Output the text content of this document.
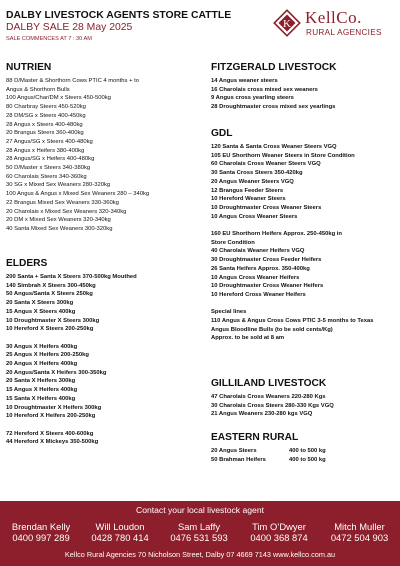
DALBY LIVESTOCK AGENTS STORE CATTLE
DALBY SALE 28 May 2025
SALE COMMENCES AT 7 : 30 AM
K KellCo.
RURAL AGENCIES
NUTRIEN
88 D/Master & Shorthorn Cows PTIC 4 months + to
Angus & Shorthorn Bulls
100 Angus/Char/DM x Steers 450-500kg
80 Charbray Steers 450-520kg
28 DM/SG x Steers 400-450kg
28 Angus x Steers 400-480kg
20 Brangus Steers 360-400kg
27 Angus/SG x Steers 400-480kg
28 Angus x Heifers 380-400kg
28 Angus/SG x Heifers 400-480kg
50 D/Master x Steers 340-380kg
60 Charolais Steers 340-360kg
30 SG x Mixed Sex Weaners 280-320kg
100 Angus & Angus x Mixed Sex Weaners 280 – 340kg
22 Brangus Mixed Sex Weaners 330-360kg
20 Charolais x Mixed Sex Weaners 320-340kg
20 DM x Mixed Sex Weaners 320-340kg
40 Santa Mixed Sex Weaners 300-320kg
ELDERS
200 Santa + Santa X Steers 370-500kg Mouthed
140 Simbrah X Steers 300-450kg
50 Angus/Santa X Steers 250kg
20 Santa X Steers 300kg
15 Angus X Steers 400kg
10 Droughtmaster X Steers 300kg
10 Hereford X Steers 200-250kg
30 Angus X Heifers 400kg
25 Angus X Heifers 200-250kg
20 Angus X Heifers 400kg
20 Angus/Santa X Heifers 300-350kg
20 Santa X Heifers 300kg
15 Angus X Heifers 400kg
15 Santa X Heifers 400kg
10 Droughtmaster X Heifers 300kg
10 Hereford X Heifers 200-250kg
72 Hereford X Steers 400-600kg
44 Hereford X Mickeys 350-500kg
FITZGERALD LIVESTOCK
14 Angus weaner steers
16 Charolais cross mixed sex weaners
9 Angus cross yearling steers
28 Droughtmaster cross mixed sex yearlings
GDL
120 Santa & Santa Cross Weaner Steers VGQ
105 EU Shorthorn Weaner Steers in Store Condition
60 Charolais Cross Weaner Steers VGQ
30 Santa Cross Steers 350-420kg
20 Angus Weaner Steers VGQ
12 Brangus Feeder Steers
10 Hereford Weaner Steers
10 Droughtmaster Cross Weaner Steers
10 Angus Cross Weaner Steers
160 EU Shorthorn Heifers Approx. 250-450kg in
Store Condition
40 Charolais Weaner Heifers VGQ
30 Droughtmaster Cross Feeder Heifers
26 Santa Heifers Approx. 350-400kg
10 Angus Cross Weaner Heifers
10 Droughtmaster Cross Weaner Heifers
10 Hereford Cross Weaner Heifers
Special lines
110 Angus & Angus Cross Cows PTIC 3-5 months to Texas
Angus Bloodline Bulls (to be sold cents/Kg)
Approx. to be sold at 8 am
GILLILAND LIVESTOCK
47 Charolais Cross Weaners 220-280 Kgs
30 Charolais Cross Steers 280-330 Kgs VGQ
21 Angus Weaners 230-280 kgs VGQ
EASTERN RURAL
20 Angus Steers	400 to 500 kg
50 Brahman Heifers	400 to 500 kg
Contact your local livestock agent
Brendan Kelly
0400 997 289
Will Loudon
0428 780 414
Sam Laffy
0476 531 593
Tim O’Dwyer
0400 368 874
Mitch Muller
0472 504 903
Kellco Rural Agencies 70 Nicholson Street, Dalby 07 4669 7143 www.kellco.com.au
